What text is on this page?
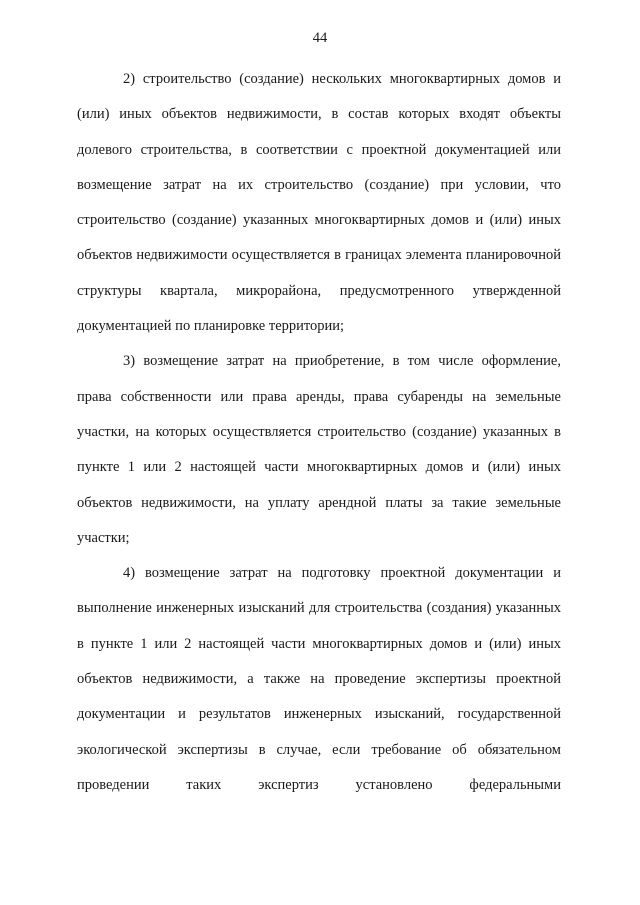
44

2) строительство (создание) нескольких многоквартирных домов и (или) иных объектов недвижимости, в состав которых входят объекты долевого строительства, в соответствии с проектной документацией или возмещение затрат на их строительство (создание) при условии, что строительство (создание) указанных многоквартирных домов и (или) иных объектов недвижимости осуществляется в границах элемента планировочной структуры квартала, микрорайона, предусмотренного утвержденной документацией по планировке территории;

3) возмещение затрат на приобретение, в том числе оформление, права собственности или права аренды, права субаренды на земельные участки, на которых осуществляется строительство (создание) указанных в пункте 1 или 2 настоящей части многоквартирных домов и (или) иных объектов недвижимости, на уплату арендной платы за такие земельные участки;

4) возмещение затрат на подготовку проектной документации и выполнение инженерных изысканий для строительства (создания) указанных в пункте 1 или 2 настоящей части многоквартирных домов и (или) иных объектов недвижимости, а также на проведение экспертизы проектной документации и результатов инженерных изысканий, государственной экологической экспертизы в случае, если требование об обязательном проведении таких экспертиз установлено федеральными
